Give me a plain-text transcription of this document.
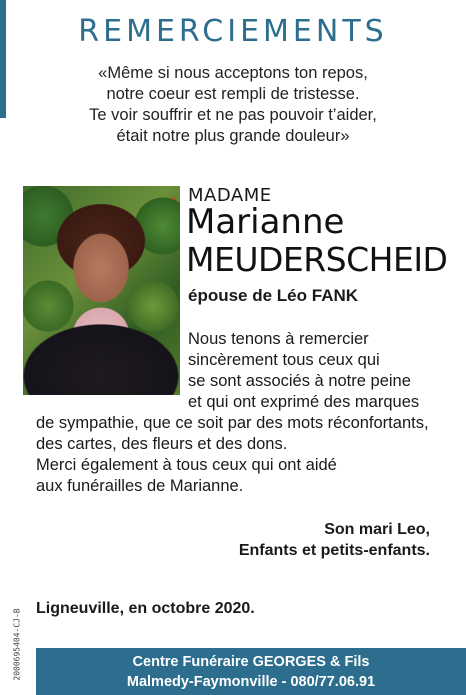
REMERCIEMENTS
«Même si nous acceptons ton repos,
notre coeur est rempli de tristesse.
Te voir souffrir et ne pas pouvoir t’aider,
était notre plus grande douleur»
MADAME
Marianne
MEUDERSCHEID
épouse de Léo FANK
Nous tenons à remercier
sincèrement tous ceux qui
se sont associés à notre peine
et qui ont exprimé des marques
de sympathie, que ce soit par des mots réconfortants,
des cartes, des fleurs et des dons.
Merci également à tous ceux qui ont aidé
aux funérailles de Marianne.
Son mari Leo,
Enfants et petits-enfants.
Ligneuville, en octobre 2020.
2000695404-CJ-B	Centre Funéraire GEORGES & Fils
Malmedy-Faymonville - 080/77.06.91
